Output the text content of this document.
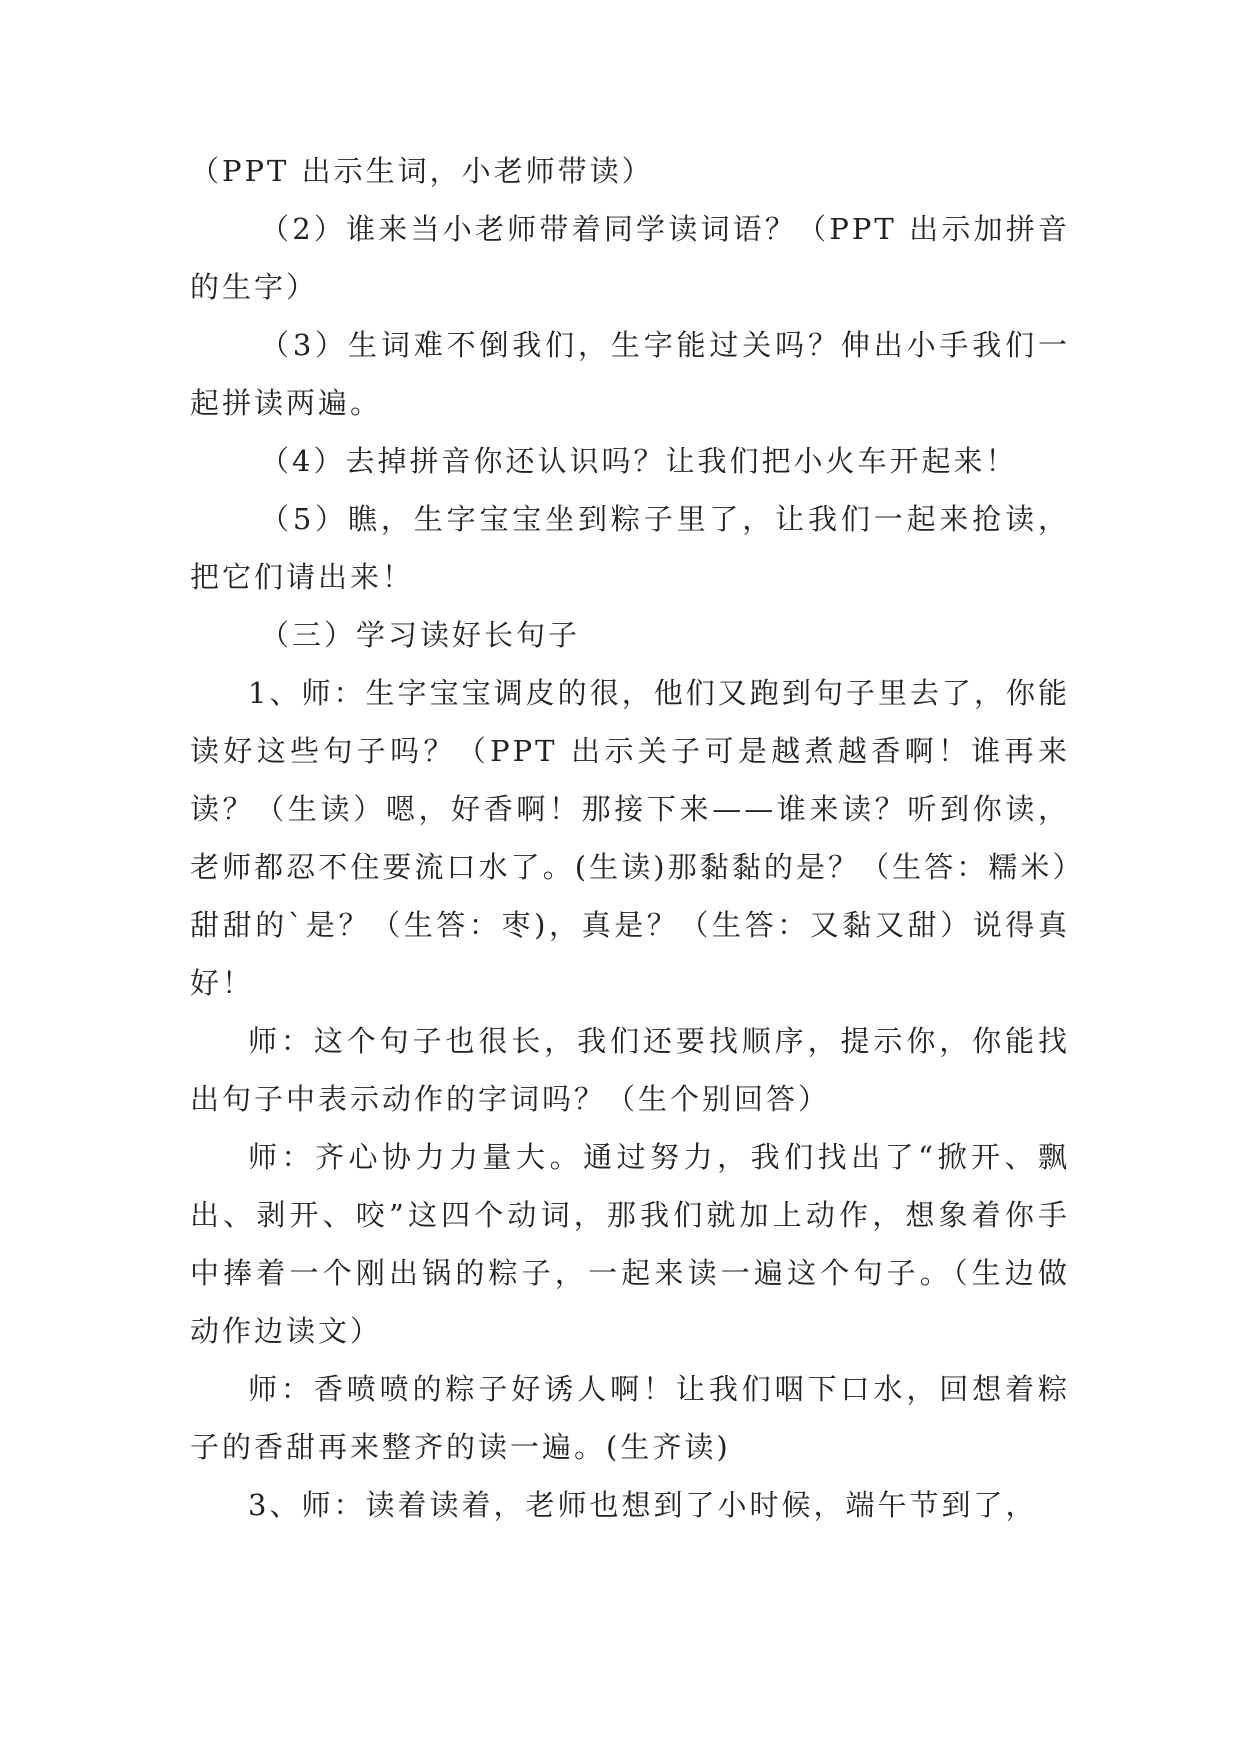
（PPT 出示生词，小老师带读）

（2）谁来当小老师带着同学读词语？（PPT 出示加拼音的生字）

（3）生词难不倒我们，生字能过关吗？伸出小手我们一起拼读两遍。

（4）去掉拼音你还认识吗？让我们把小火车开起来！

（5）瞧，生字宝宝坐到粽子里了，让我们一起来抢读，把它们请出来！

（三）学习读好长句子

1、师：生字宝宝调皮的很，他们又跑到句子里去了，你能读好这些句子吗？（PPT 出示关子可是越煮越香啊！谁再来读？（生读）嗯，好香啊！那接下来——谁来读？听到你读，老师都忍不住要流口水了。(生读)那黏黏的是？（生答：糯米）甜甜的`是？（生答：枣)，真是？（生答：又黏又甜）说得真好！

师：这个句子也很长，我们还要找顺序，提示你，你能找出句子中表示动作的字词吗？（生个别回答）

师：齐心协力力量大。通过努力，我们找出了“掀开、飘出、剥开、咬”这四个动词，那我们就加上动作，想象着你手中捧着一个刚出锅的粽子，一起来读一遍这个句子。（生边做动作边读文）

师：香喷喷的粽子好诱人啊！让我们咽下口水，回想着粽子的香甜再来整齐的读一遍。(生齐读)

3、师：读着读着，老师也想到了小时候，端午节到了，
